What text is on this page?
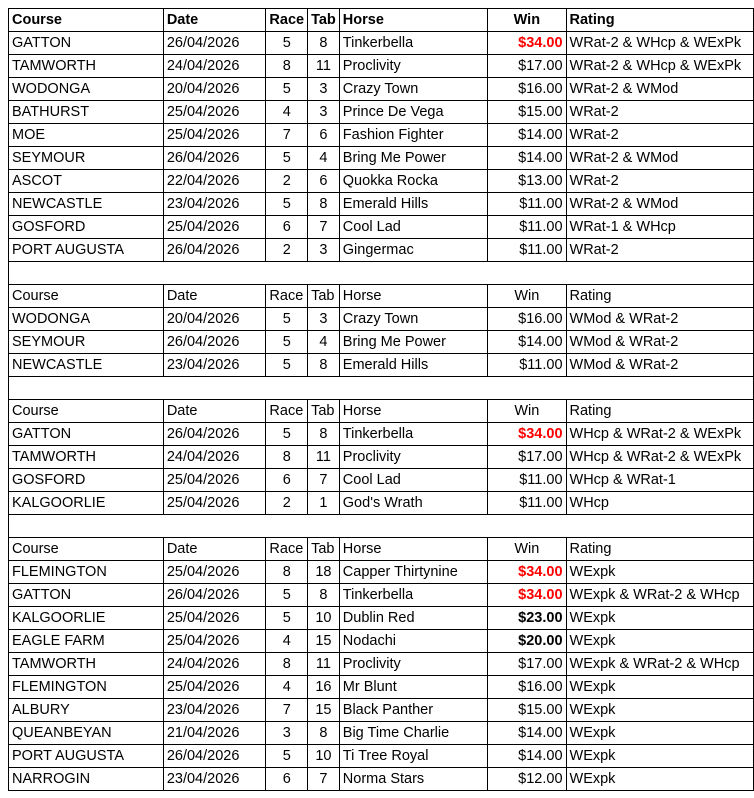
Course	Date	Race	Tab	Horse	Win	Rating
GATTON	26/04/2026	5	8	Tinkerbella	$34.00	WRat-2 & WHcp & WExPk
TAMWORTH	24/04/2026	8	11	Proclivity	$17.00	WRat-2 & WHcp & WExPk
WODONGA	20/04/2026	5	3	Crazy Town	$16.00	WRat-2 & WMod
BATHURST	25/04/2026	4	3	Prince De Vega	$15.00	WRat-2
MOE	25/04/2026	7	6	Fashion Fighter	$14.00	WRat-2
SEYMOUR	26/04/2026	5	4	Bring Me Power	$14.00	WRat-2 & WMod
ASCOT	22/04/2026	2	6	Quokka Rocka	$13.00	WRat-2
NEWCASTLE	23/04/2026	5	8	Emerald Hills	$11.00	WRat-2 & WMod
GOSFORD	25/04/2026	6	7	Cool Lad	$11.00	WRat-1 & WHcp
PORT AUGUSTA	26/04/2026	2	3	Gingermac	$11.00	WRat-2

Course	Date	Race	Tab	Horse	Win	Rating
WODONGA	20/04/2026	5	3	Crazy Town	$16.00	WMod & WRat-2
SEYMOUR	26/04/2026	5	4	Bring Me Power	$14.00	WMod & WRat-2
NEWCASTLE	23/04/2026	5	8	Emerald Hills	$11.00	WMod & WRat-2

Course	Date	Race	Tab	Horse	Win	Rating
GATTON	26/04/2026	5	8	Tinkerbella	$34.00	WHcp & WRat-2 & WExPk
TAMWORTH	24/04/2026	8	11	Proclivity	$17.00	WHcp & WRat-2 & WExPk
GOSFORD	25/04/2026	6	7	Cool Lad	$11.00	WHcp & WRat-1
KALGOORLIE	25/04/2026	2	1	God's Wrath	$11.00	WHcp

Course	Date	Race	Tab	Horse	Win	Rating
FLEMINGTON	25/04/2026	8	18	Capper Thirtynine	$34.00	WExpk
GATTON	26/04/2026	5	8	Tinkerbella	$34.00	WExpk & WRat-2 & WHcp
KALGOORLIE	25/04/2026	5	10	Dublin Red	$23.00	WExpk
EAGLE FARM	25/04/2026	4	15	Nodachi	$20.00	WExpk
TAMWORTH	24/04/2026	8	11	Proclivity	$17.00	WExpk & WRat-2 & WHcp
FLEMINGTON	25/04/2026	4	16	Mr Blunt	$16.00	WExpk
ALBURY	23/04/2026	7	15	Black Panther	$15.00	WExpk
QUEANBEYAN	21/04/2026	3	8	Big Time Charlie	$14.00	WExpk
PORT AUGUSTA	26/04/2026	5	10	Ti Tree Royal	$14.00	WExpk
NARROGIN	23/04/2026	6	7	Norma Stars	$12.00	WExpk
